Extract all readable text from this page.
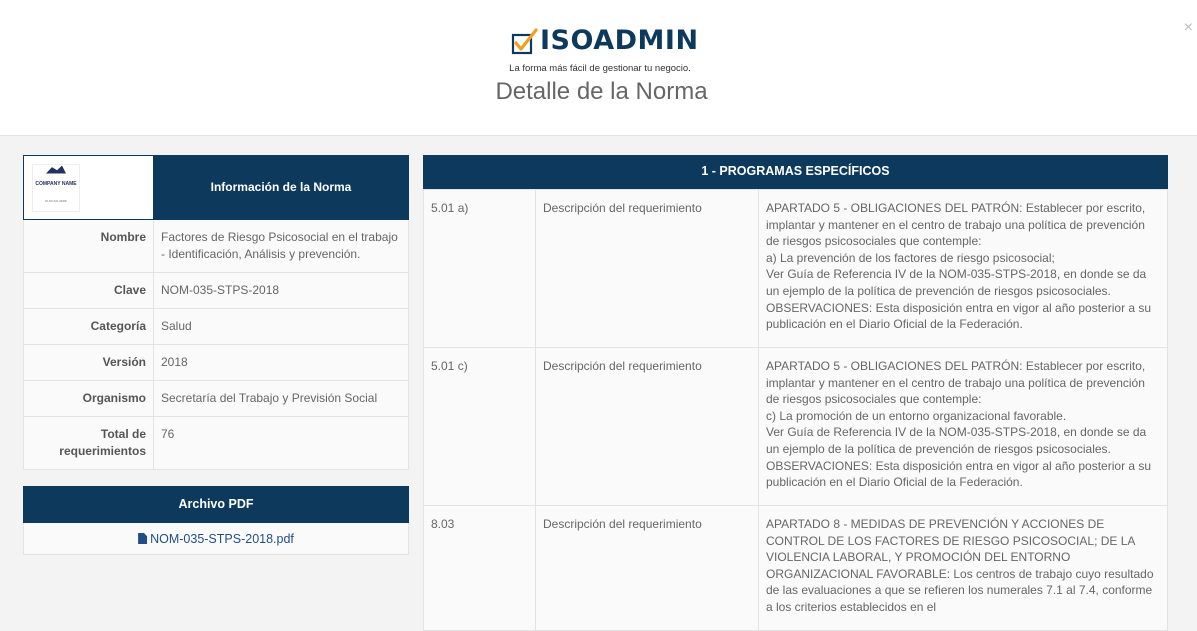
×
ISOADMIN
La forma más fácil de gestionar tu negocio.
Detalle de la Norma
COMPANY NAME
SLOGAN HERE	Información de la Norma
Nombre	Factores de Riesgo Psicosocial en el trabajo - Identificación, Análisis y prevención.
Clave	NOM-035-STPS-2018
Categoría	Salud
Versión	2018
Organismo	Secretaría del Trabajo y Previsión Social
Total de requerimientos	76
Archivo PDF
NOM-035-STPS-2018.pdf
1 - PROGRAMAS ESPECÍFICOS
5.01 a)	Descripción del requerimiento	APARTADO 5 - OBLIGACIONES DEL PATRÓN: Establecer por escrito, implantar y mantener en el centro de trabajo una política de prevención de riesgos psicosociales que contemple:
a) La prevención de los factores de riesgo psicosocial;
Ver Guía de Referencia IV de la NOM-035-STPS-2018, en donde se da un ejemplo de la política de prevención de riesgos psicosociales.
OBSERVACIONES: Esta disposición entra en vigor al año posterior a su publicación en el Diario Oficial de la Federación.
5.01 c)	Descripción del requerimiento	APARTADO 5 - OBLIGACIONES DEL PATRÓN: Establecer por escrito, implantar y mantener en el centro de trabajo una política de prevención de riesgos psicosociales que contemple:
c) La promoción de un entorno organizacional favorable.
Ver Guía de Referencia IV de la NOM-035-STPS-2018, en donde se da un ejemplo de la política de prevención de riesgos psicosociales.
OBSERVACIONES: Esta disposición entra en vigor al año posterior a su publicación en el Diario Oficial de la Federación.
8.03	Descripción del requerimiento	APARTADO 8 - MEDIDAS DE PREVENCIÓN Y ACCIONES DE CONTROL DE LOS FACTORES DE RIESGO PSICOSOCIAL; DE LA VIOLENCIA LABORAL, Y PROMOCIÓN DEL ENTORNO ORGANIZACIONAL FAVORABLE: Los centros de trabajo cuyo resultado de las evaluaciones a que se refieren los numerales 7.1 al 7.4, conforme a los criterios establecidos en el
